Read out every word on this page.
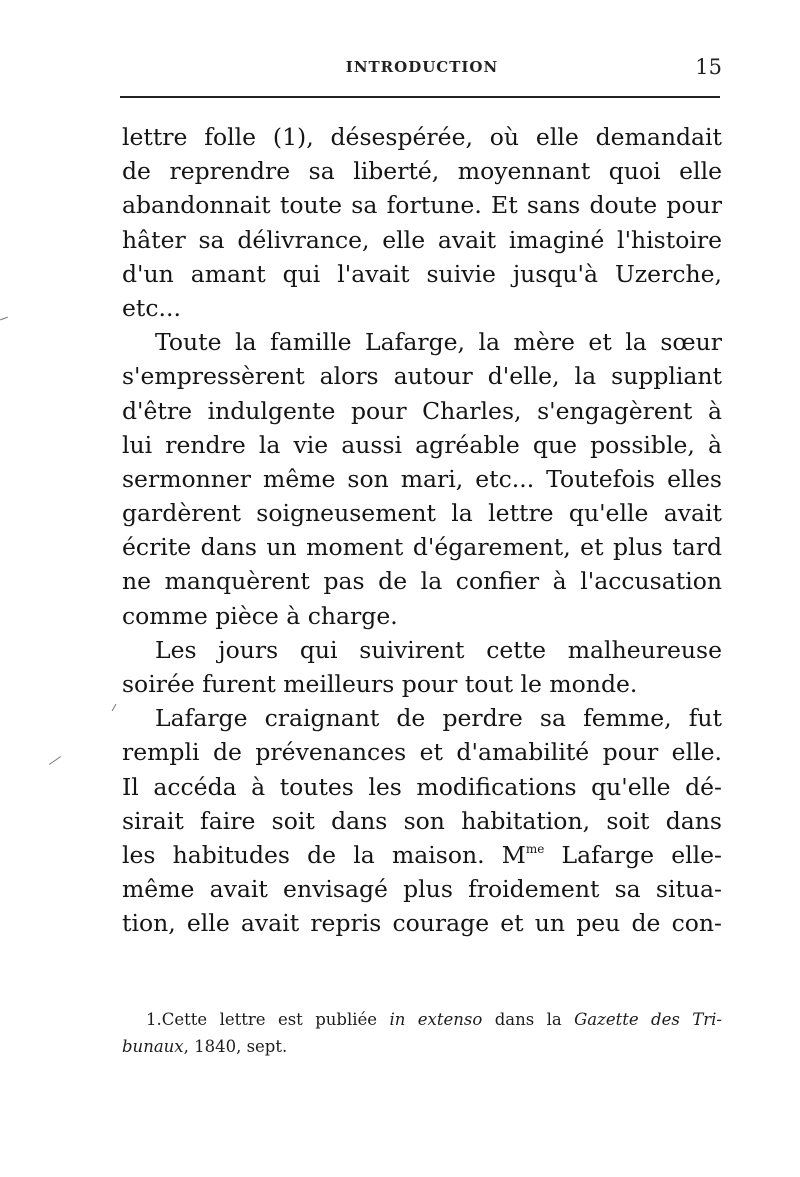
INTRODUCTION	15
lettre folle (1), désespérée, où elle demandait
de reprendre sa liberté, moyennant quoi elle
abandonnait toute sa fortune. Et sans doute pour
hâter sa délivrance, elle avait imaginé l'histoire
d'un amant qui l'avait suivie jusqu'à Uzerche,
etc...
Toute la famille Lafarge, la mère et la sœur
s'empressèrent alors autour d'elle, la suppliant
d'être indulgente pour Charles, s'engagèrent à
lui rendre la vie aussi agréable que possible, à
sermonner même son mari, etc... Toutefois elles
gardèrent soigneusement la lettre qu'elle avait
écrite dans un moment d'égarement, et plus tard
ne manquèrent pas de la confier à l'accusation
comme pièce à charge.
Les jours qui suivirent cette malheureuse
soirée furent meilleurs pour tout le monde.
Lafarge craignant de perdre sa femme, fut
rempli de prévenances et d'amabilité pour elle.
Il accéda à toutes les modifications qu'elle dé-
sirait faire soit dans son habitation, soit dans
les habitudes de la maison. $M^{me}$ Lafarge elle-
même avait envisagé plus froidement sa situa-
tion, elle avait repris courage et un peu de con-
1.Cette lettre est publiée in extenso dans la Gazette des Tri-
bunaux, 1840, sept.
